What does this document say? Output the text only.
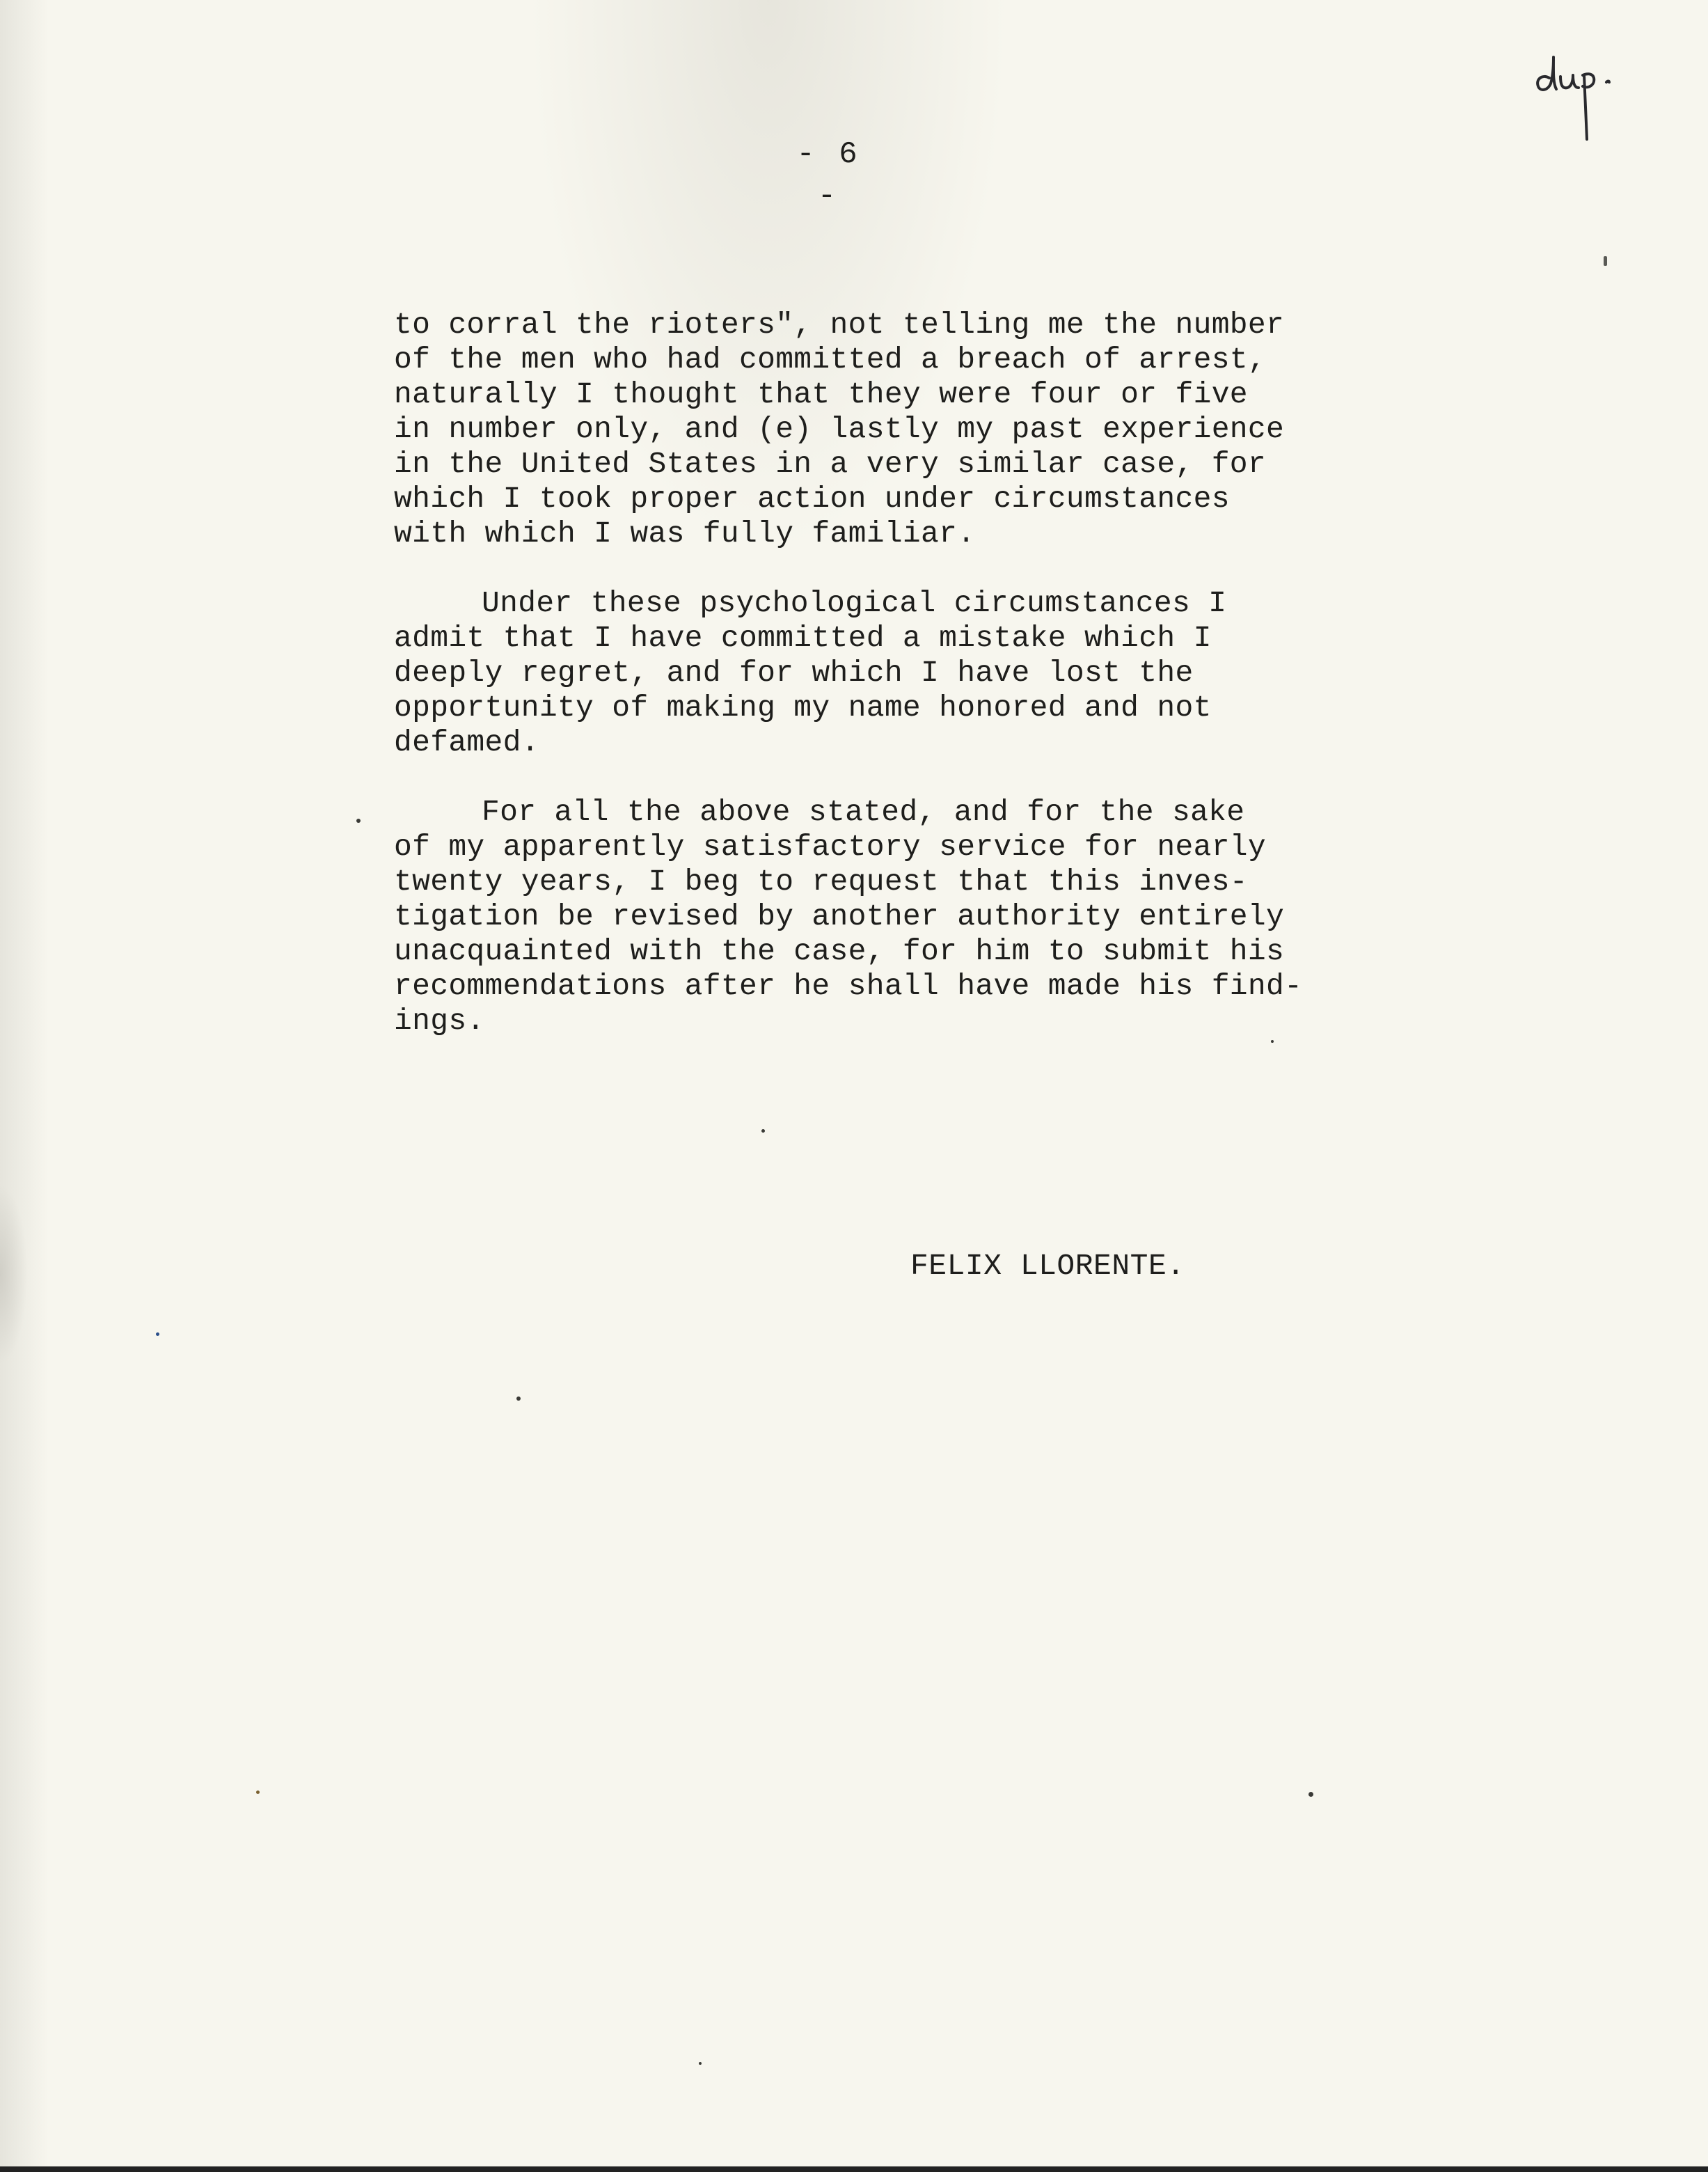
- 6 -
to corral the rioters", not telling me the number
of the men who had committed a breach of arrest,
naturally I thought that they were four or five
in number only, and (e) lastly my past experience
in the United States in a very similar case, for
which I took proper action under circumstances
with which I was fully familiar.
Under these psychological circumstances I
admit that I have committed a mistake which I
deeply regret, and for which I have lost the
opportunity of making my name honored and not
defamed.
For all the above stated, and for the sake
of my apparently satisfactory service for nearly
twenty years, I beg to request that this inves-
tigation be revised by another authority entirely
unacquainted with the case, for him to submit his
recommendations after he shall have made his find-
ings.
FELIX LLORENTE.
